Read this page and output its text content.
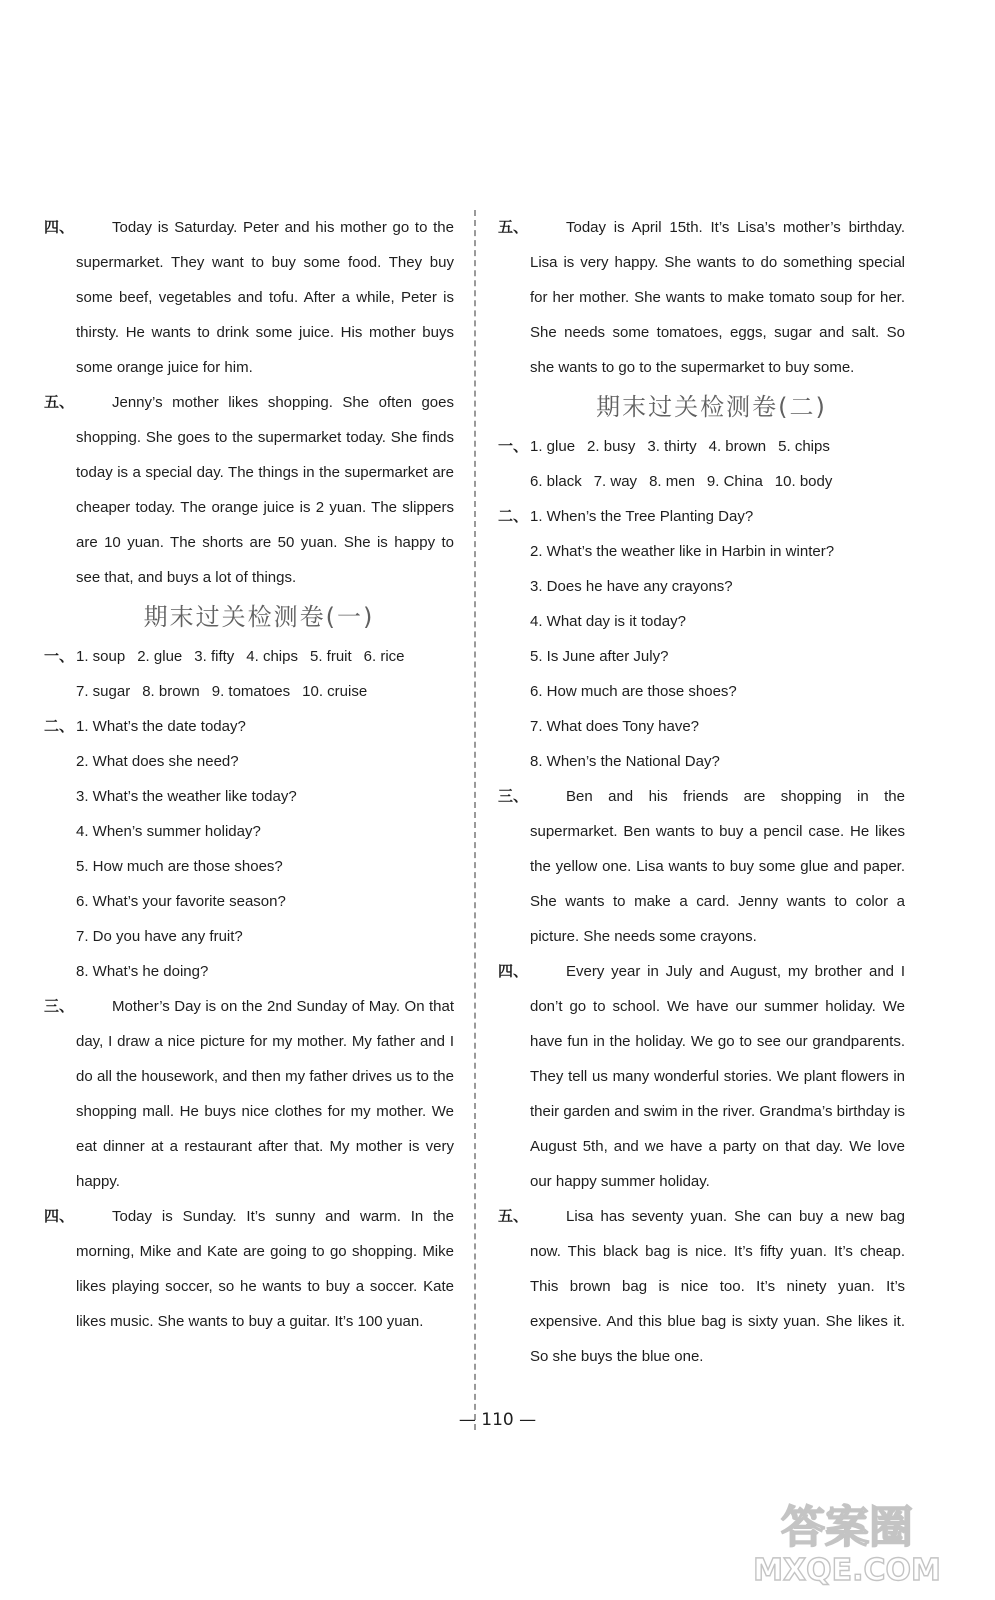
四、	Today is Saturday. Peter and his mother go to the supermarket. They want to buy some food. They buy some beef, vegetables and tofu. After a while, Peter is thirsty. He wants to drink some juice. His mother buys some orange juice for him.

五、	Jenny’s mother likes shopping. She often goes shopping. She goes to the supermarket today. She finds today is a special day. The things in the supermarket are cheaper today. The orange juice is 2 yuan. The slippers are 10 yuan. The shorts are 50 yuan. She is happy to see that, and buys a lot of things.

期末过关检测卷(一)
一、 1. soup 2. glue 3. fifty 4. chips 5. fruit 6. rice
7. sugar 8. brown 9. tomatoes 10. cruise
二、 1. What’s the date today?
2. What does she need?
3. What’s the weather like today?
4. When’s summer holiday?
5. How much are those shoes?
6. What’s your favorite season?
7. Do you have any fruit?
8. What’s he doing?
三、	Mother’s Day is on the 2nd Sunday of May. On that day, I draw a nice picture for my mother. My father and I do all the housework, and then my father drives us to the shopping mall. He buys nice clothes for my mother. We eat dinner at a restaurant after that. My mother is very happy.

四、	Today is Sunday. It’s sunny and warm. In the morning, Mike and Kate are going to go shopping. Mike likes playing soccer, so he wants to buy a soccer. Kate likes music. She wants to buy a guitar. It’s 100 yuan.

五、	Today is April 15th. It’s Lisa’s mother’s birthday. Lisa is very happy. She wants to do something special for her mother. She wants to make tomato soup for her. She needs some tomatoes, eggs, sugar and salt. So she wants to go to the supermarket to buy some.

期末过关检测卷(二)
一、 1. glue 2. busy 3. thirty 4. brown 5. chips
6. black 7. way 8. men 9. China 10. body
二、 1. When’s the Tree Planting Day?
2. What’s the weather like in Harbin in winter?
3. Does he have any crayons?
4. What day is it today?
5. Is June after July?
6. How much are those shoes?
7. What does Tony have?
8. When’s the National Day?
三、	Ben and his friends are shopping in the supermarket. Ben wants to buy a pencil case. He likes the yellow one. Lisa wants to buy some glue and paper. She wants to make a card. Jenny wants to color a picture. She needs some crayons.

四、	Every year in July and August, my brother and I don’t go to school. We have our summer holiday. We have fun in the holiday. We go to see our grandparents. They tell us many wonderful stories. We plant flowers in their garden and swim in the river. Grandma’s birthday is August 5th, and we have a party on that day. We love our happy summer holiday.

五、	Lisa has seventy yuan. She can buy a new bag now. This black bag is nice. It’s fifty yuan. It’s cheap. This brown bag is nice too. It’s ninety yuan. It’s expensive. And this blue bag is sixty yuan. She likes it. So she buys the blue one.

— 110 —
答案圈
MXQE.COM
